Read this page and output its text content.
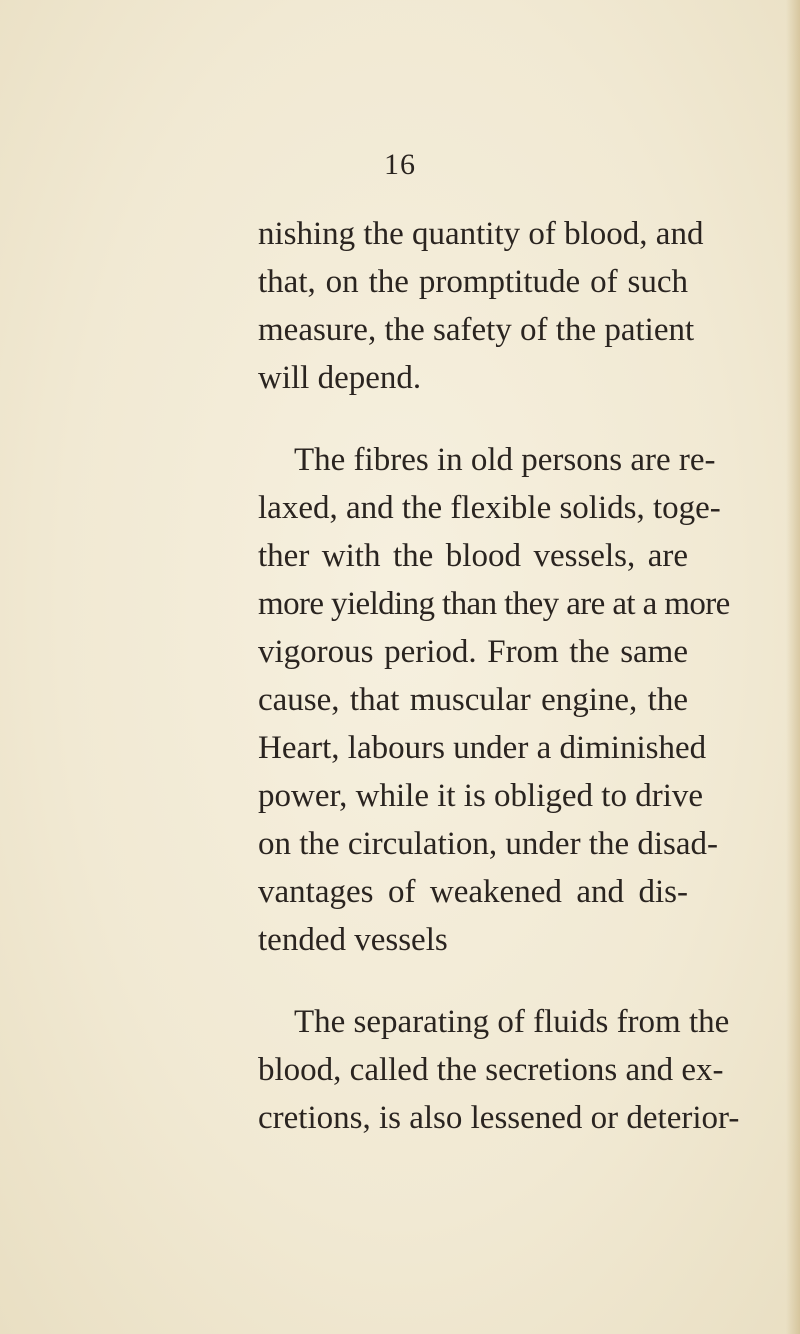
16

nishing the quantity of blood, and
that, on the promptitude of such
measure, the safety of the patient
will depend.

The fibres in old persons are re-
laxed, and the flexible solids, toge-
ther with the blood vessels, are
more yielding than they are at a more
vigorous period. From the same
cause, that muscular engine, the
Heart, labours under a diminished
power, while it is obliged to drive
on the circulation, under the disad-
vantages of weakened and dis-
tended vessels

The separating of fluids from the
blood, called the secretions and ex-
cretions, is also lessened or deterior-
